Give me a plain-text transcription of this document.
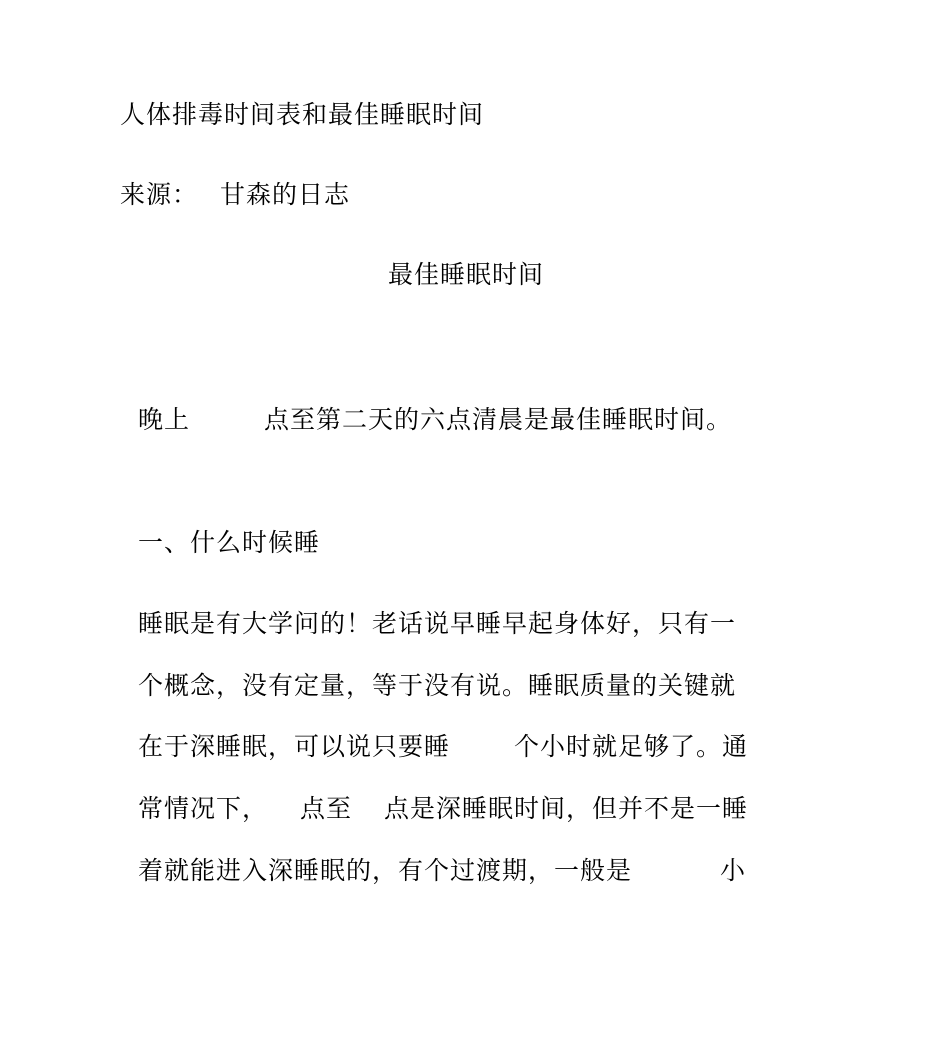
人体排毒时间表和最佳睡眠时间
来源： 甘森的日志
最佳睡眠时间
晚上	点至第二天的六点清晨是最佳睡眠时间。
一、什么时候睡
睡眠是有大学问的！老话说早睡早起身体好，只有一
个概念，没有定量，等于没有说。睡眠质量的关键就
在于深睡眠，可以说只要睡	个小时就足够了。通
常情况下， 点至 点是深睡眠时间，但并不是一睡
着就能进入深睡眠的，有个过渡期，一般是	小
